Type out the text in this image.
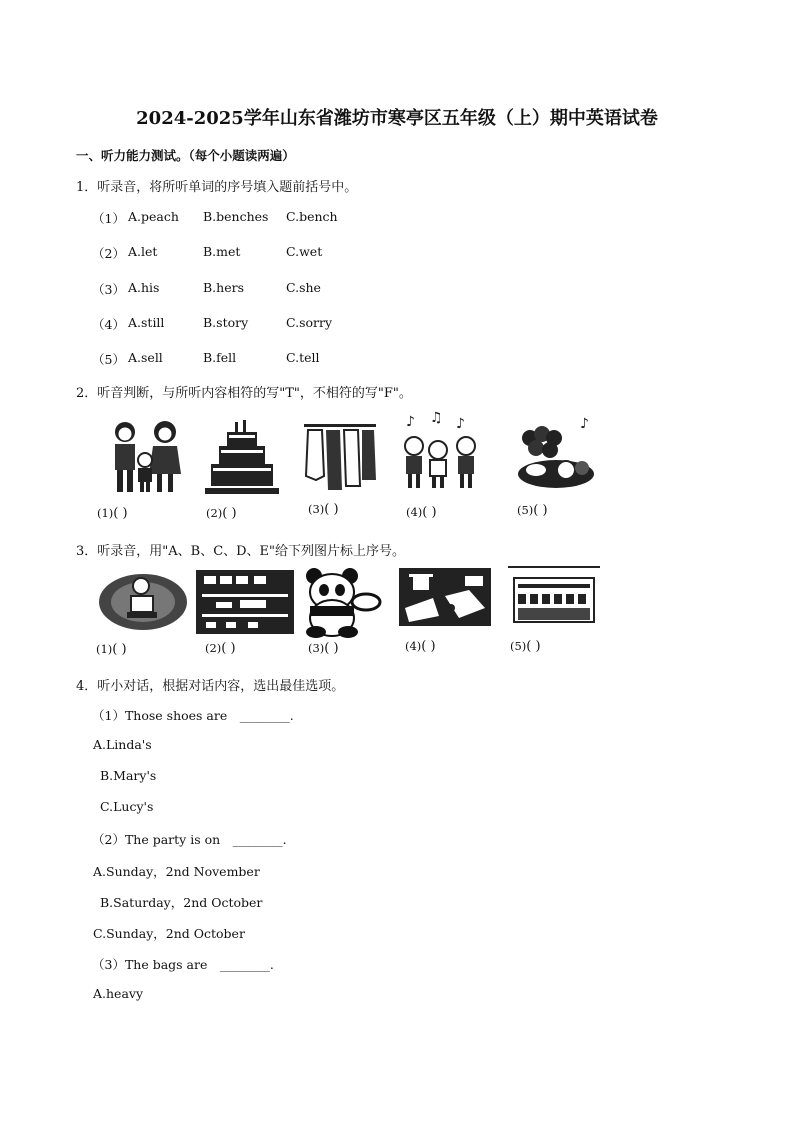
2024-2025学年山东省潍坊市寒亭区五年级（上）期中英语试卷
一、听力能力测试。（每个小题读两遍）
1．听录音，将所听单词的序号填入题前括号中。
（1） A.peach B.benches C.bench
（2） A.let	B.met	C.wet
（3） A.his	B.hers	C.she
（4） A.still	B.story	C.sorry
（5） A.sell	B.fell	C.tell
2．听音判断，与所听内容相符的写"T"，不相符的写"F"。
♪ ♫ ♪	♪
(1)( )	(2)( )	(3)( )	(4)( )	(5)( )
3．听录音，用"A、B、C、D、E"给下列图片标上序号。
(1)( )	(2)( )	(3)( )	(4)( )	(5)( )
4．听小对话，根据对话内容，选出最佳选项。
（1）Those shoes are　________.
A.Linda's
B.Mary's
C.Lucy's
（2）The party is on　________.
A.Sunday，2nd November
B.Saturday，2nd October
C.Sunday，2nd October
（3）The bags are　________.
A.heavy
